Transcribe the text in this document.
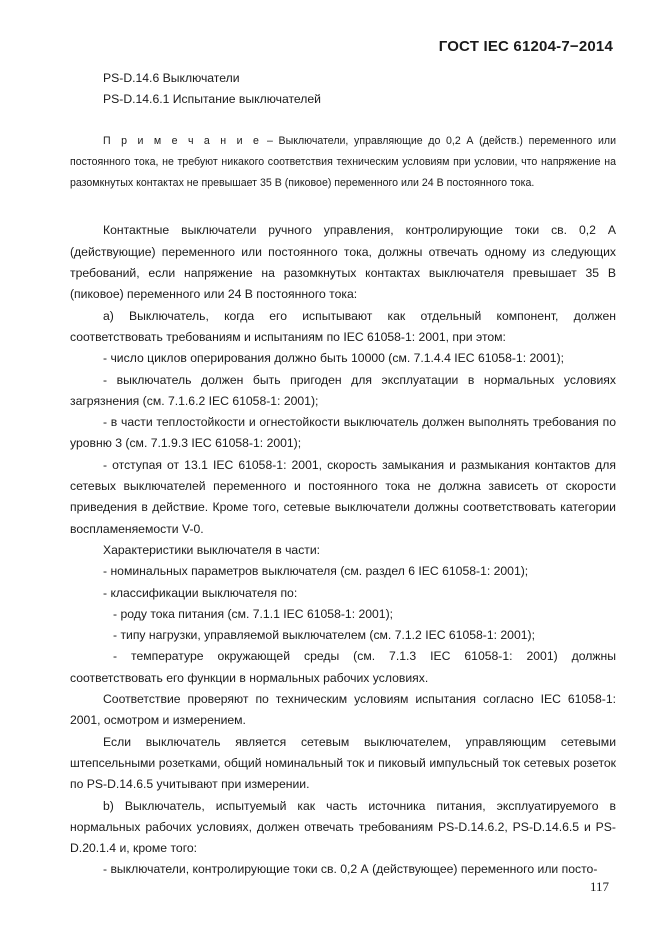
ГОСТ IEC 61204-7−2014

PS-D.14.6 Выключатели

PS-D.14.6.1 Испытание выключателей

П р и м е ч а н и е – Выключатели, управляющие до 0,2 А (действ.) переменного или постоянного тока, не требуют никакого соответствия техническим условиям при условии, что напряжение на разомкнутых контактах не превышает 35 В (пиковое) переменного или 24 В постоянного тока.

Контактные выключатели ручного управления, контролирующие токи св. 0,2 А (действующие) переменного или постоянного тока, должны отвечать одному из следующих требований, если напряжение на разомкнутых контактах выключателя превышает 35 В (пиковое) переменного или 24 В постоянного тока:

а) Выключатель, когда его испытывают как отдельный компонент, должен соответствовать требованиям и испытаниям по IEC 61058-1: 2001, при этом:

- число циклов оперирования должно быть 10000 (см. 7.1.4.4 IEC 61058-1: 2001);

- выключатель должен быть пригоден для эксплуатации в нормальных условиях загрязнения (см. 7.1.6.2 IEC 61058-1: 2001);

- в части теплостойкости и огнестойкости выключатель должен выполнять требования по уровню 3 (см. 7.1.9.3 IEC 61058-1: 2001);

- отступая от 13.1 IEC 61058-1: 2001, скорость замыкания и размыкания контактов для сетевых выключателей переменного и постоянного тока не должна зависеть от скорости приведения в действие. Кроме того, сетевые выключатели должны соответствовать категории воспламеняемости V-0.

Характеристики выключателя в части:

- номинальных параметров выключателя (см. раздел 6 IEC 61058-1: 2001);

- классификации выключателя по:

- роду тока питания (см. 7.1.1 IEC 61058-1: 2001);

- типу нагрузки, управляемой выключателем (см. 7.1.2 IEC 61058-1: 2001);

- температуре окружающей среды (см. 7.1.3 IEC 61058-1: 2001) должны соответствовать его функции в нормальных рабочих условиях.

Соответствие проверяют по техническим условиям испытания согласно IEC 61058-1: 2001, осмотром и измерением.

Если выключатель является сетевым выключателем, управляющим сетевыми штепсельными розетками, общий номинальный ток и пиковый импульсный ток сетевых розеток по PS-D.14.6.5 учитывают при измерении.

b) Выключатель, испытуемый как часть источника питания, эксплуатируемого в нормальных рабочих условиях, должен отвечать требованиям PS-D.14.6.2, PS-D.14.6.5 и PS-D.20.1.4 и, кроме того:

- выключатели, контролирующие токи св. 0,2 А (действующее) переменного или посто-

117
